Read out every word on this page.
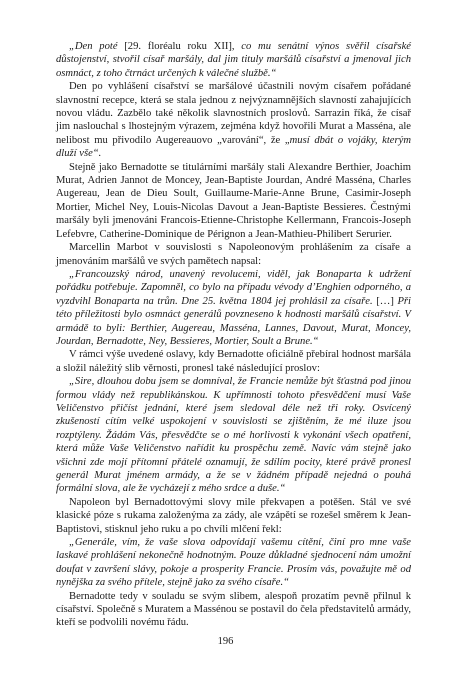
„Den poté [29. floréalu roku XII], co mu senátní výnos svěřil císařské důstojenství, stvořil císař maršály, dal jim tituly maršálů císařství a jmenoval jich osmnáct, z toho čtrnáct určených k válečné službě.“

Den po vyhlášení císařství se maršálové účastnili novým císařem pořádané slavnostní recepce, která se stala jednou z nejvýznamnějších slavností zahajujících novou vládu. Zazbělo také několik slavnostních proslovů. Sarrazin říká, že císař jim naslouchal s lhostejným výrazem, zejména když hovořili Murat a Masséna, ale nelibost mu přivodilo Augereauovo „varování“, že „musí dbát o vojáky, kterým dluží vše“.

Stejně jako Bernadotte se titulárními maršály stali Alexandre Berthier, Joachim Murat, Adrien Jannot de Moncey, Jean-Baptiste Jourdan, André Masséna, Charles Augereau, Jean de Dieu Soult, Guillaume-Marie-Anne Brune, Casimir-Joseph Mortier, Michel Ney, Louis-Nicolas Davout a Jean-Baptiste Bessieres. Čestnými maršály byli jmenováni Francois-Etienne-Christophe Kellermann, Francois-Joseph Lefebvre, Catherine-Dominique de Pérignon a Jean-Mathieu-Philibert Serurier.

Marcellin Marbot v souvislosti s Napoleonovým prohlášením za císaře a jmenováním maršálů ve svých pamětech napsal:

„Francouzský národ, unavený revolucemi, viděl, jak Bonaparta k udržení pořádku potřebuje. Zapomněl, co bylo na případu vévody d’Enghien odporného, a vyzdvihl Bonaparta na trůn. Dne 25. května 1804 jej prohlásil za císaře. […] Při této příležitosti bylo osmnáct generálů povzneseno k hodnosti maršálů císařství. V armádě to byli: Berthier, Augereau, Masséna, Lannes, Davout, Murat, Moncey, Jourdan, Bernadotte, Ney, Bessieres, Mortier, Soult a Brune.“

V rámci výše uvedené oslavy, kdy Bernadotte oficiálně přebíral hodnost maršála a složil náležitý slib věrnosti, pronesl také následující proslov:

„Sire, dlouhou dobu jsem se domníval, že Francie nemůže být šťastná pod jinou formou vlády než republikánskou. K upřímnosti tohoto přesvědčení musí Vaše Veličenstvo přičíst jednání, které jsem sledoval déle než tři roky. Osvícený zkušeností cítím velké uspokojení v souvislosti se zjištěním, že mé iluze jsou rozptýleny. Žádám Vás, přesvědčte se o mé horlivosti k vykonání všech opatření, která může Vaše Veličenstvo nařídit ku prospěchu země. Navíc vám stejně jako všichni zde mojí přítomní přátelé oznamují, že sdílím pocity, které právě pronesl generál Murat jménem armády, a že se v žádném případě nejedná o pouhá formální slova, ale že vycházejí z mého srdce a duše.“

Napoleon byl Bernadottovými slovy mile překvapen a potěšen. Stál ve své klasické póze s rukama založenýma za zády, ale vzápětí se rozešel směrem k Jean-Baptistovi, stisknul jeho ruku a po chvíli mlčení řekl:

„Generále, vím, že vaše slova odpovídají vašemu cítění, činí pro mne vaše laskavé prohlášení nekonečně hodnotným. Pouze důkladné sjednocení nám umožní doufat v završení slávy, pokoje a prosperity Francie. Prosím vás, považujte mě od nynějška za svého přítele, stejně jako za svého císaře.“

Bernadotte tedy v souladu se svým slibem, alespoň prozatím pevně přilnul k císařství. Společně s Muratem a Massénou se postavil do čela představitelů armády, kteří se podvolili novému řádu.

196
